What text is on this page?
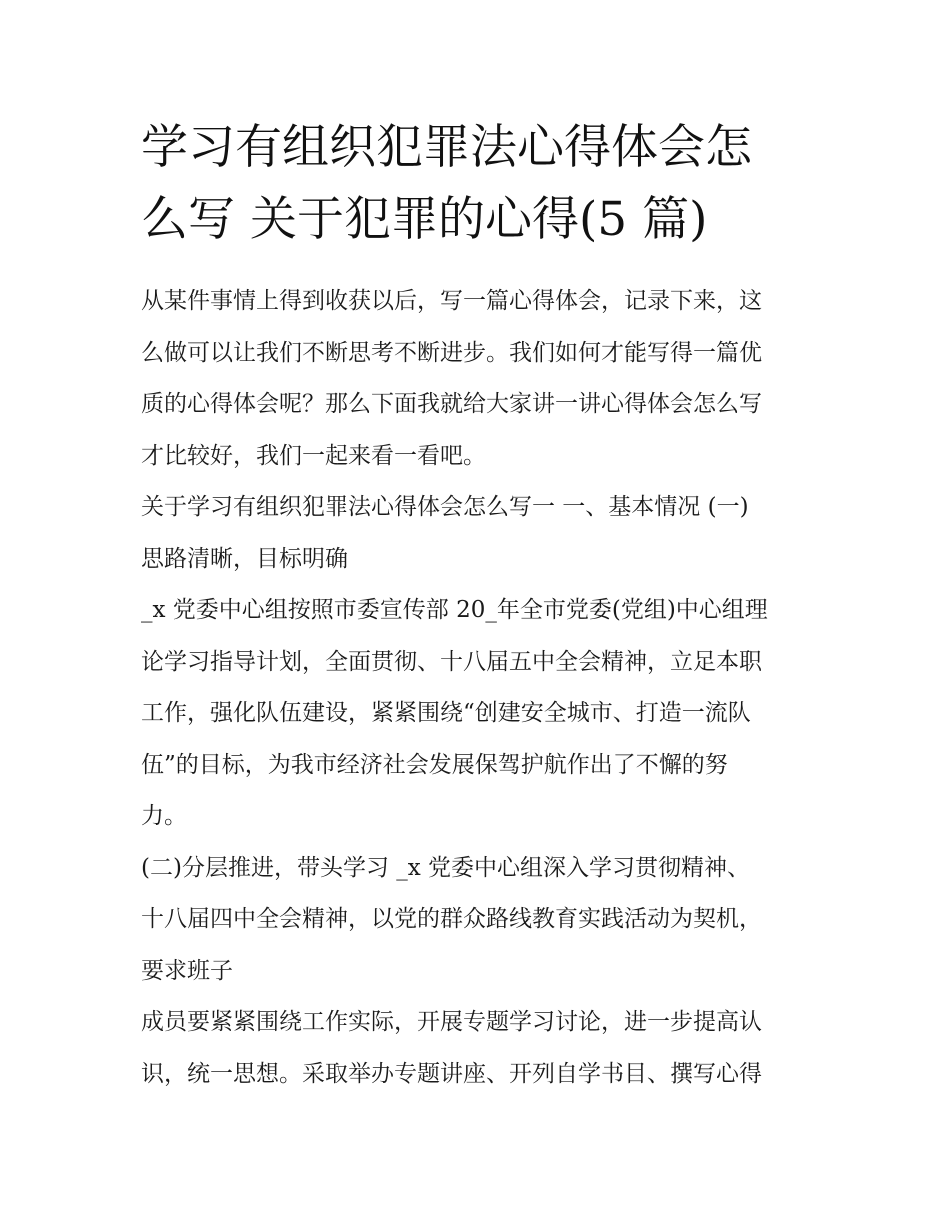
学习有组织犯罪法心得体会怎
么写 关于犯罪的心得(5 篇)
从某件事情上得到收获以后，写一篇心得体会，记录下来，这
么做可以让我们不断思考不断进步。我们如何才能写得一篇优
质的心得体会呢？那么下面我就给大家讲一讲心得体会怎么写
才比较好，我们一起来看一看吧。
关于学习有组织犯罪法心得体会怎么写一 一、基本情况 (一)
思路清晰，目标明确
_x 党委中心组按照市委宣传部 20_年全市党委(党组)中心组理
论学习指导计划，全面贯彻、十八届五中全会精神，立足本职
工作，强化队伍建设，紧紧围绕“创建安全城市、打造一流队
伍”的目标，为我市经济社会发展保驾护航作出了不懈的努
力。
(二)分层推进，带头学习 _x 党委中心组深入学习贯彻精神、
十八届四中全会精神，以党的群众路线教育实践活动为契机，
要求班子
成员要紧紧围绕工作实际，开展专题学习讨论，进一步提高认
识，统一思想。采取举办专题讲座、开列自学书目、撰写心得
